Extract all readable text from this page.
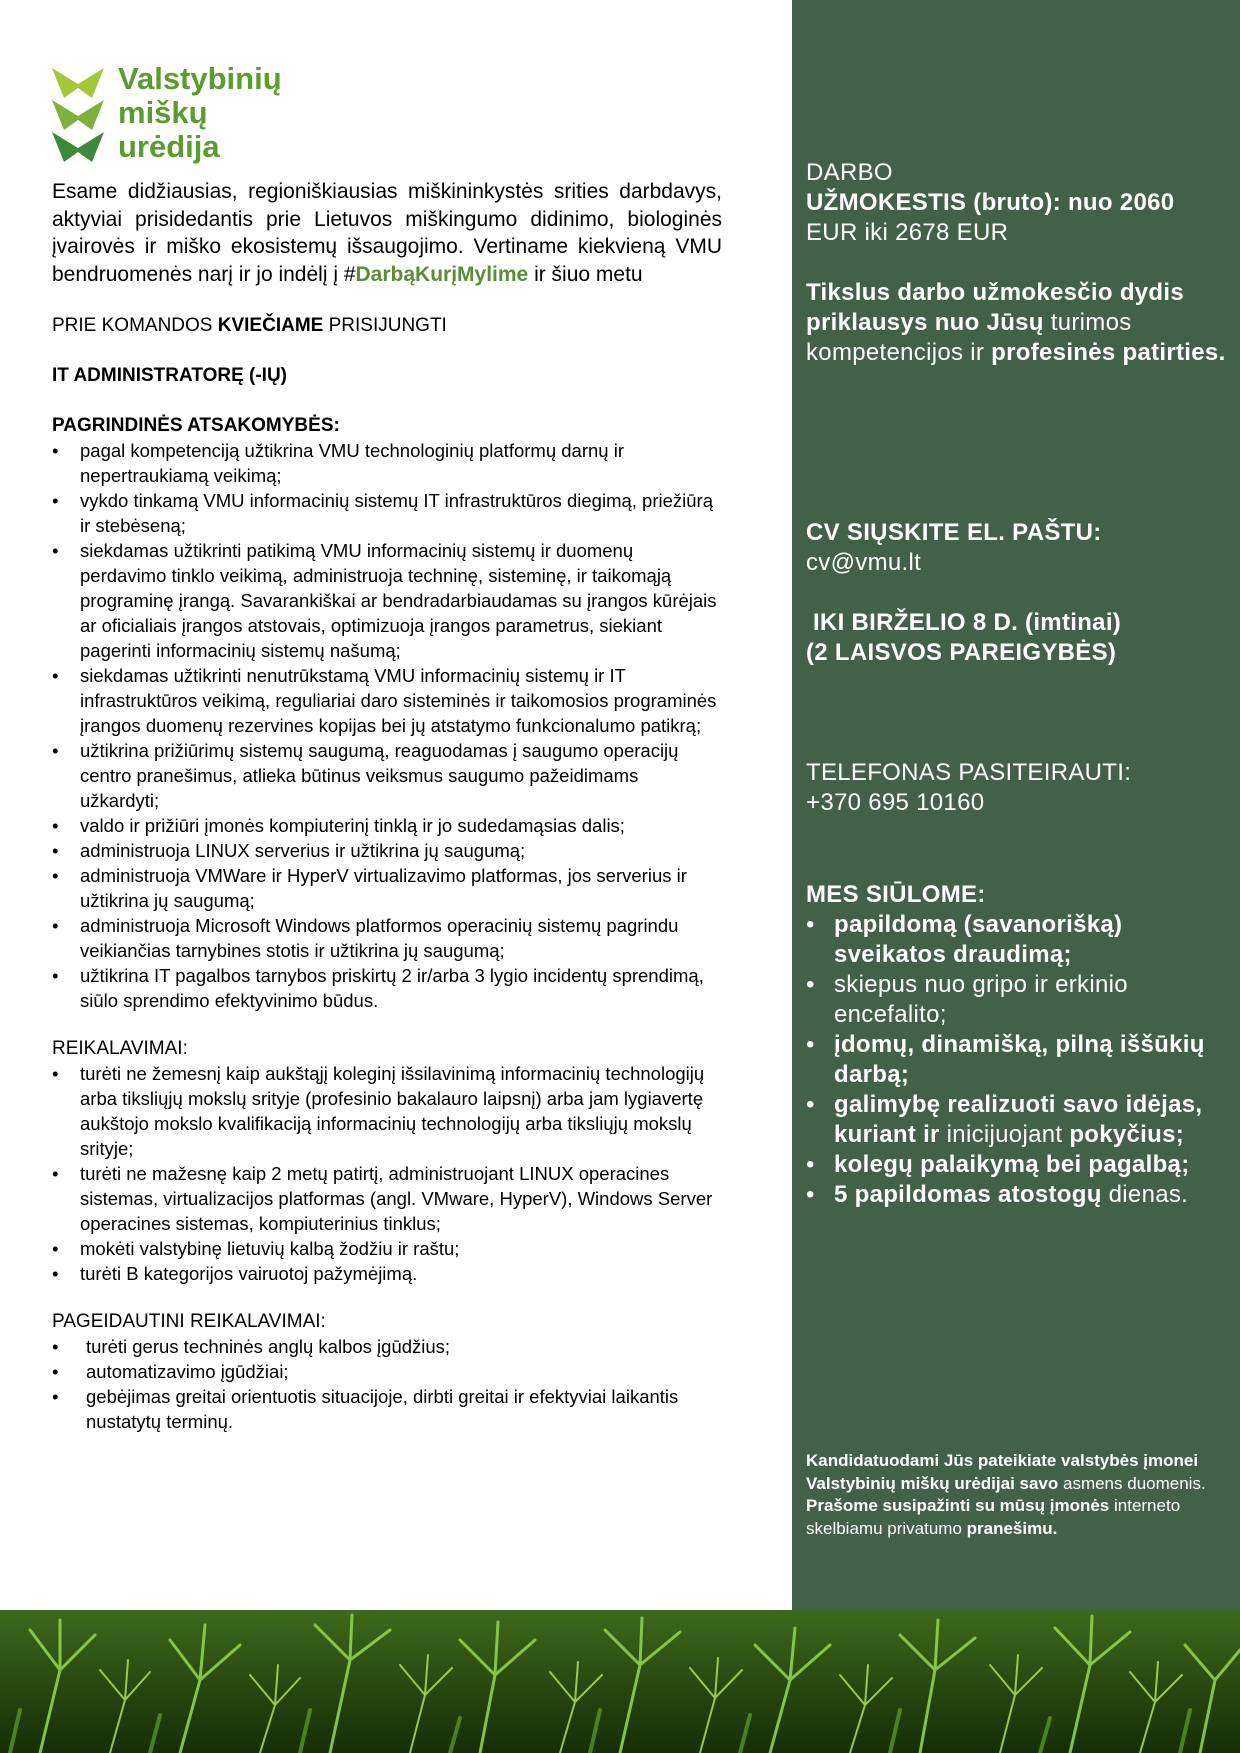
Valstybinių
miškų
urėdija

Esame didžiausias, regioniškiausias miškininkystės srities darbdavys, aktyviai prisidedantis prie Lietuvos miškingumo didinimo, biologinės įvairovės ir miško ekosistemų išsaugojimo. Vertiname kiekvieną VMU bendruomenės narį ir jo indėlį į #DarbąKurįMylime ir šiuo metu

PRIE KOMANDOS KVIEČIAME PRISIJUNGTI

IT ADMINISTRATORĘ (-IŲ)

PAGRINDINĖS ATSAKOMYBĖS:

• pagal kompetenciją užtikrina VMU technologinių platformų darnų ir nepertraukiamą veikimą;
• vykdo tinkamą VMU informacinių sistemų IT infrastruktūros diegimą, priežiūrą ir stebėseną;
• siekdamas užtikrinti patikimą VMU informacinių sistemų ir duomenų perdavimo tinklo veikimą, administruoja techninę, sisteminę, ir taikomąją programinę įrangą. Savarankiškai ar bendradarbiaudamas su įrangos kūrėjais ar oficialiais įrangos atstovais, optimizuoja įrangos parametrus, siekiant pagerinti informacinių sistemų našumą;
• siekdamas užtikrinti nenutrūkstamą VMU informacinių sistemų ir IT infrastruktūros veikimą, reguliariai daro sisteminės ir taikomosios programinės įrangos duomenų rezervines kopijas bei jų atstatymo funkcionalumo patikrą;
• užtikrina prižiūrimų sistemų saugumą, reaguodamas į saugumo operacijų centro pranešimus, atlieka būtinus veiksmus saugumo pažeidimams užkardyti;
• valdo ir prižiūri įmonės kompiuterinį tinklą ir jo sudedamąsias dalis;
• administruoja LINUX serverius ir užtikrina jų saugumą;
• administruoja VMWare ir HyperV virtualizavimo platformas, jos serverius ir užtikrina jų saugumą;
• administruoja Microsoft Windows platformos operacinių sistemų pagrindu veikiančias tarnybines stotis ir užtikrina jų saugumą;
• užtikrina IT pagalbos tarnybos priskirtų 2 ir/arba 3 lygio incidentų sprendimą, siūlo sprendimo efektyvinimo būdus.

REIKALAVIMAI:

• turėti ne žemesnį kaip aukštąjį koleginį išsilavinimą informacinių technologijų arba tiksliųjų mokslų srityje (profesinio bakalauro laipsnį) arba jam lygiavertę aukštojo mokslo kvalifikaciją informacinių technologijų arba tiksliųjų mokslų srityje;
• turėti ne mažesnę kaip 2 metų patirtį, administruojant LINUX operacines sistemas, virtualizacijos platformas (angl. VMware, HyperV), Windows Server operacines sistemas, kompiuterinius tinklus;
• mokėti valstybinę lietuvių kalbą žodžiu ir raštu;
• turėti B kategorijos vairuotoj pažymėjimą.

PAGEIDAUTINI REIKALAVIMAI:

• turėti gerus techninės anglų kalbos įgūdžius;
• automatizavimo įgūdžiai;
• gebėjimas greitai orientuotis situacijoje, dirbti greitai ir efektyviai laikantis nustatytų terminų.
DARBO
UŽMOKESTIS (bruto): nuo 2060
EUR iki 2678 EUR
Tikslus darbo užmokesčio dydis priklausys nuo Jūsų turimos kompetencijos ir profesinės patirties.
CV SIŲSKITE EL. PAŠTU:
cv@vmu.lt
IKI BIRŽELIO 8 D. (imtinai)
(2 LAISVOS PAREIGYBĖS)
TELEFONAS PASITEIRAUTI:
+370 695 10160
MES SIŪLOME:
• papildomą (savanorišką) sveikatos draudimą;
• skiepus nuo gripo ir erkinio encefalito;
• įdomų, dinamišką, pilną iššūkių darbą;
• galimybę realizuoti savo idėjas, kuriant ir inicijuojant pokyčius;
• kolegų palaikymą bei pagalbą;
• 5 papildomas atostogų dienas.
Kandidatuodami Jūs pateikiate valstybės įmonei Valstybinių miškų urėdijai savo asmens duomenis.
Prašome susipažinti su mūsų įmonės interneto skelbiamu privatumo pranešimu.
